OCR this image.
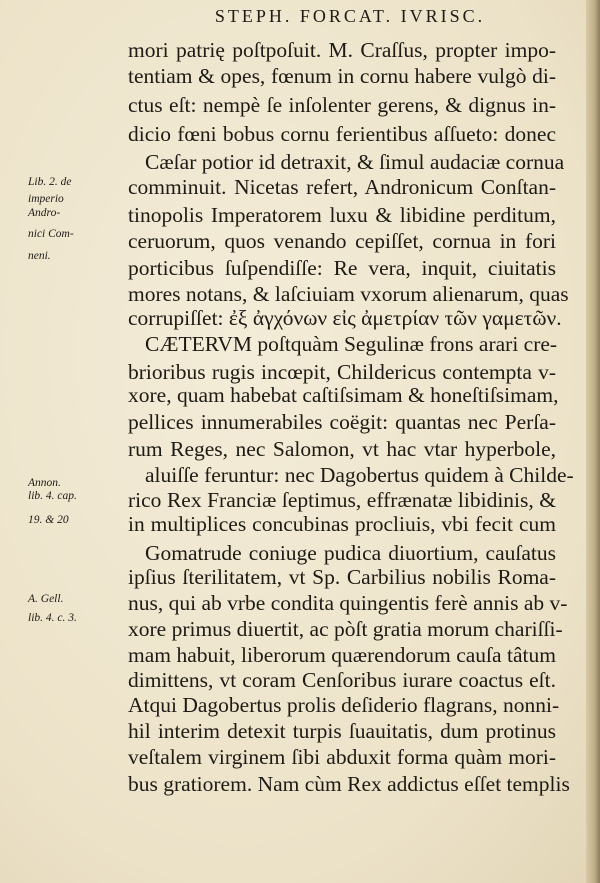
STEPH. FORCAT. IVRISC.
mori patrię poſtpoſuit. M. Craſſus, propter impo-
tentiam & opes, fœnum in cornu habere vulgò di-
ctus eſt: nempè ſe inſolenter gerens, & dignus in-
dicio fœni bobus cornu ferientibus aſſueto: donec
Cæſar potior id detraxit, & ſimul audaciæ cornua
comminuit. Nicetas refert, Andronicum Conſtan-
tinopolis Imperatorem luxu & libidine perditum,
ceruorum, quos venando cepiſſet, cornua in fori
porticibus ſuſpendiſſe: Re vera, inquit, ciuitatis
mores notans, & laſciuiam vxorum alienarum, quas
corrupiſſet: ἐξ ἀγχόνων εἰς ἀμετρίαν τῶν γαμετῶν.
CÆTERVM poſtquàm Segulinæ frons arari cre-
brioribus rugis incœpit, Childericus contempta v-
xore, quam habebat caſtiſsimam & honeſtiſsimam,
pellices innumerabiles coëgit: quantas nec Perſa-
rum Reges, nec Salomon, vt hac vtar hyperbole,
aluiſſe feruntur: nec Dagobertus quidem à Childe-
rico Rex Franciæ ſeptimus, effrænatæ libidinis, &
in multiplices concubinas procliuis, vbi fecit cum
Gomatrude coniuge pudica diuortium, cauſatus
ipſius ſterilitatem, vt Sp. Carbilius nobilis Roma-
nus, qui ab vrbe condita quingentis ferè annis ab v-
xore primus diuertit, ac pòſt gratia morum chariſſi-
mam habuit, liberorum quærendorum cauſa tâtum
dimittens, vt coram Cenſoribus iurare coactus eſt.
Atqui Dagobertus prolis deſiderio flagrans, nonni-
hil interim detexit turpis ſuauitatis, dum protinus
veſtalem virginem ſibi abduxit forma quàm mori-
bus gratiorem. Nam cùm Rex addictus eſſet templis
Lib. 2. de
imperio
Andro-
nici Com-
neni.
Annon.
lib. 4. cap.
19. & 20
A. Gell.
lib. 4. c. 3.
